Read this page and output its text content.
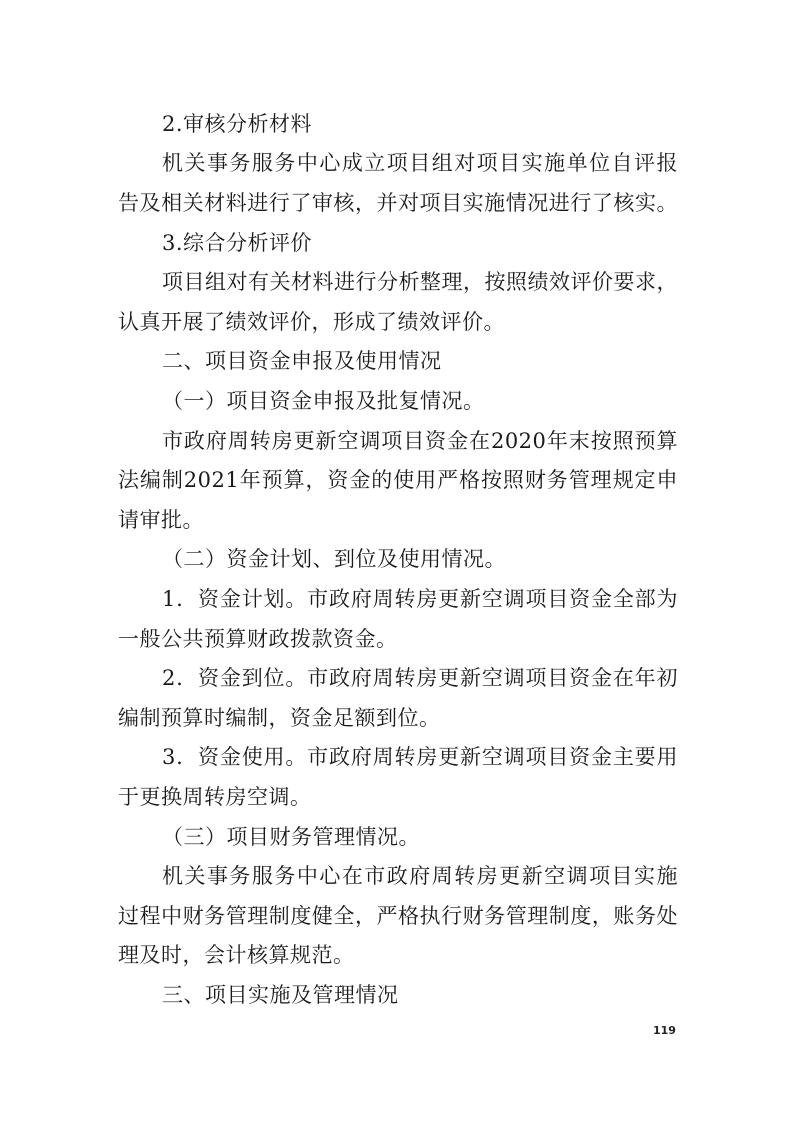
2.审核分析材料
机关事务服务中心成立项目组对项目实施单位自评报
告及相关材料进行了审核，并对项目实施情况进行了核实。
3.综合分析评价
项目组对有关材料进行分析整理，按照绩效评价要求，
认真开展了绩效评价，形成了绩效评价。
二、项目资金申报及使用情况
（一）项目资金申报及批复情况。
市政府周转房更新空调项目资金在2020年末按照预算
法编制2021年预算，资金的使用严格按照财务管理规定申
请审批。
（二）资金计划、到位及使用情况。
1．资金计划。市政府周转房更新空调项目资金全部为
一般公共预算财政拨款资金。
2．资金到位。市政府周转房更新空调项目资金在年初
编制预算时编制，资金足额到位。
3．资金使用。市政府周转房更新空调项目资金主要用
于更换周转房空调。
（三）项目财务管理情况。
机关事务服务中心在市政府周转房更新空调项目实施
过程中财务管理制度健全，严格执行财务管理制度，账务处
理及时，会计核算规范。
三、项目实施及管理情况
119
